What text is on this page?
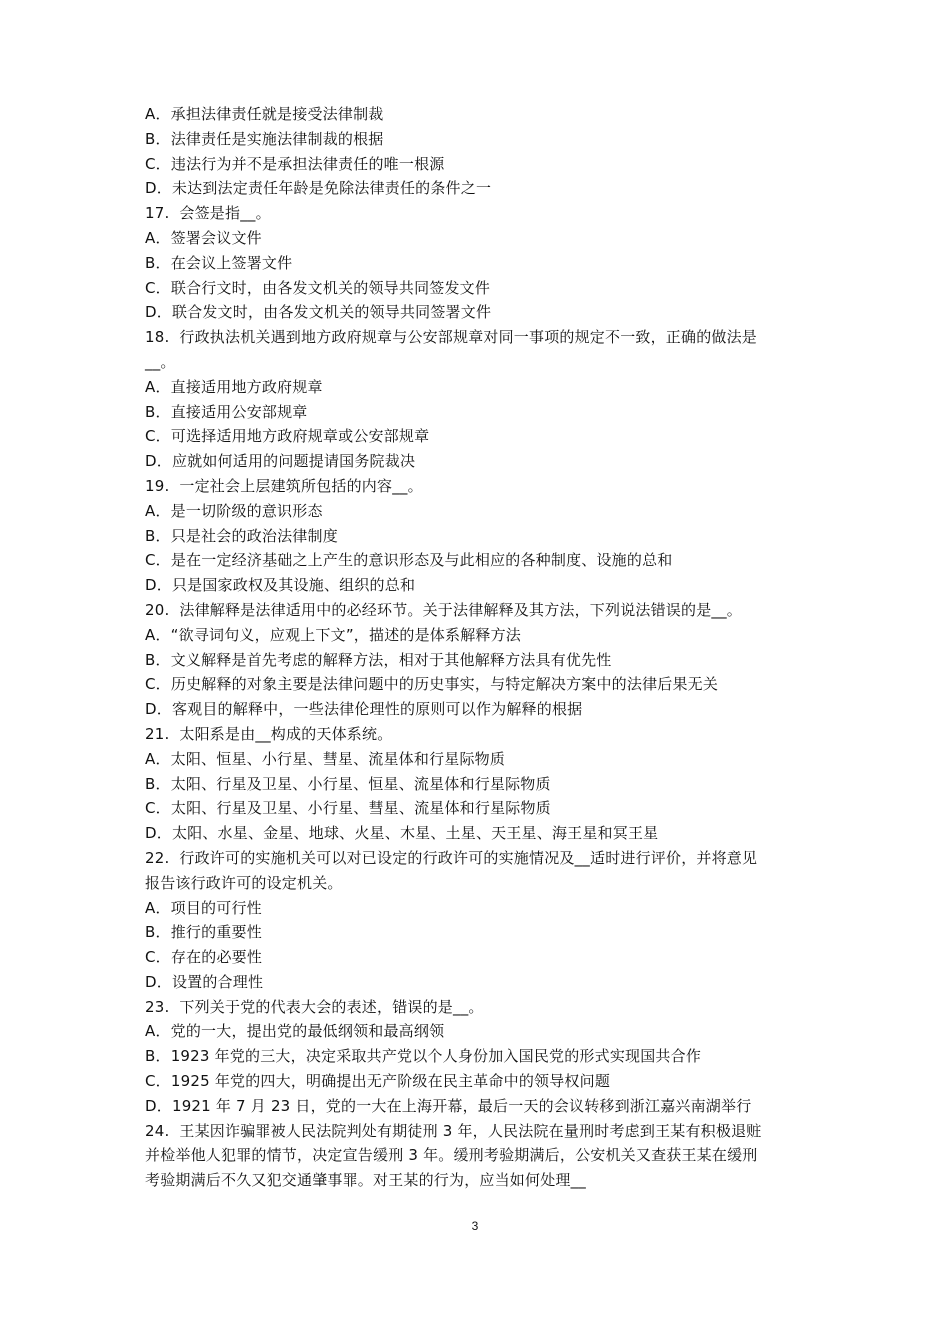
A．承担法律责任就是接受法律制裁
B．法律责任是实施法律制裁的根据
C．违法行为并不是承担法律责任的唯一根源
D．未达到法定责任年龄是免除法律责任的条件之一
17.  会签是指__。
A．签署会议文件
B．在会议上签署文件
C．联合行文时，由各发文机关的领导共同签发文件
D．联合发文时，由各发文机关的领导共同签署文件
18.  行政执法机关遇到地方政府规章与公安部规章对同一事项的规定不一致，正确的做法是
__。
A．直接适用地方政府规章
B．直接适用公安部规章
C．可选择适用地方政府规章或公安部规章
D．应就如何适用的问题提请国务院裁决
19.  一定社会上层建筑所包括的内容__。
A．是一切阶级的意识形态
B．只是社会的政治法律制度
C．是在一定经济基础之上产生的意识形态及与此相应的各种制度、设施的总和
D．只是国家政权及其设施、组织的总和
20.  法律解释是法律适用中的必经环节。关于法律解释及其方法，下列说法错误的是__。
A．“欲寻词句义，应观上下文”，描述的是体系解释方法
B．文义解释是首先考虑的解释方法，相对于其他解释方法具有优先性
C．历史解释的对象主要是法律问题中的历史事实，与特定解决方案中的法律后果无关
D．客观目的解释中，一些法律伦理性的原则可以作为解释的根据
21.  太阳系是由__构成的天体系统。
A．太阳、恒星、小行星、彗星、流星体和行星际物质
B．太阳、行星及卫星、小行星、恒星、流星体和行星际物质
C．太阳、行星及卫星、小行星、彗星、流星体和行星际物质
D．太阳、水星、金星、地球、火星、木星、土星、天王星、海王星和冥王星
22.  行政许可的实施机关可以对已设定的行政许可的实施情况及__适时进行评价，并将意见
报告该行政许可的设定机关。
A．项目的可行性
B．推行的重要性
C．存在的必要性
D．设置的合理性
23.  下列关于党的代表大会的表述，错误的是__。
A．党的一大，提出党的最低纲领和最高纲领
B．1923 年党的三大，决定采取共产党以个人身份加入国民党的形式实现国共合作
C．1925 年党的四大，明确提出无产阶级在民主革命中的领导权问题
D．1921 年 7 月 23 日，党的一大在上海开幕，最后一天的会议转移到浙江嘉兴南湖举行
24.  王某因诈骗罪被人民法院判处有期徒刑 3 年，人民法院在量刑时考虑到王某有积极退赃
并检举他人犯罪的情节，决定宣告缓刑 3 年。缓刑考验期满后，公安机关又查获王某在缓刑
考验期满后不久又犯交通肇事罪。对王某的行为，应当如何处理__
3
